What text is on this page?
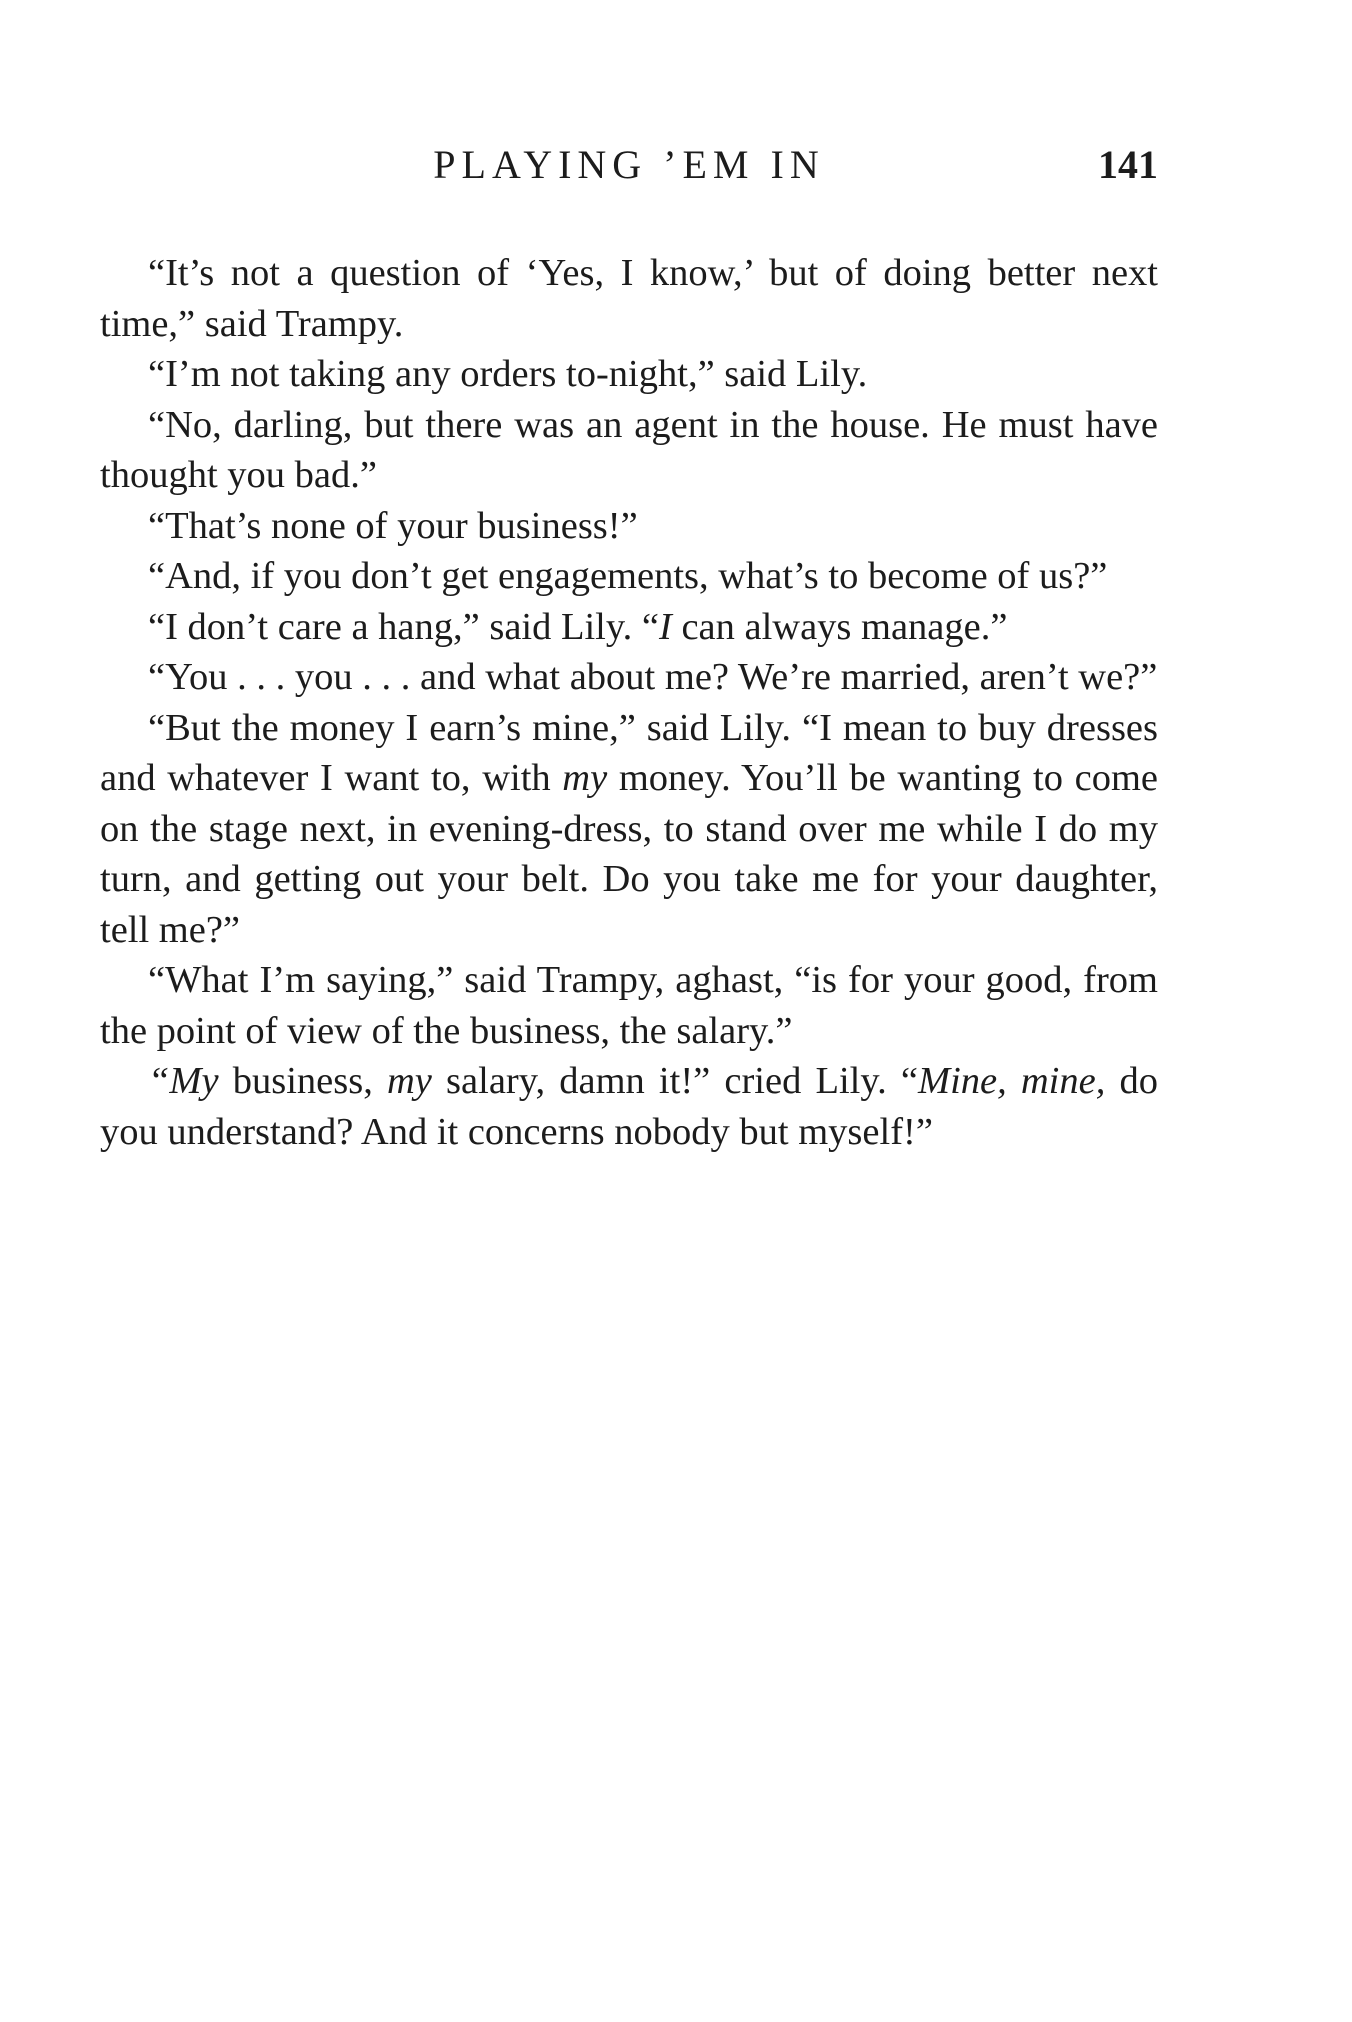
PLAYING ’EM IN	141

“It’s not a question of ‘Yes, I know,’ but of doing better next time,” said Trampy.

“I’m not taking any orders to-night,” said Lily.

“No, darling, but there was an agent in the house. He must have thought you bad.”

“That’s none of your business!”

“And, if you don’t get engagements, what’s to become of us?”

“I don’t care a hang,” said Lily. “I can always manage.”

“You . . . you . . . and what about me? We’re married, aren’t we?”

“But the money I earn’s mine,” said Lily. “I mean to buy dresses and whatever I want to, with my money. You’ll be wanting to come on the stage next, in evening-dress, to stand over me while I do my turn, and getting out your belt. Do you take me for your daughter, tell me?”

“What I’m saying,” said Trampy, aghast, “is for your good, from the point of view of the business, the salary.”

“My business, my salary, damn it!” cried Lily. “Mine, mine, do you understand? And it concerns nobody but myself!”
